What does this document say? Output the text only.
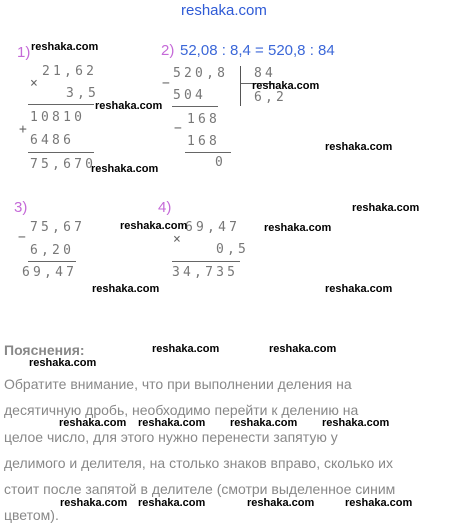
reshaka.com
1)
×
21,62
3,5
10810
+
6486
75,670
2) 52,08 : 8,4 = 520,8 : 84
−
520,8 84
6,2
504
−
168
168
0
3)
−
75,67
6,20
69,47
4)
×
69,47
0,5
34,735
Пояснения:
Обратите внимание, что при выполнении деления на
десятичную дробь, необходимо перейти к делению на
целое число, для этого нужно перенести запятую у
делимого и делителя, на столько знаков вправо, сколько их
стоит после запятой в делителе (смотри выделенное синим
цветом).
reshaka.com
reshaka.com
reshaka.com
reshaka.com
reshaka.com
reshaka.com
reshaka.com	reshaka.com
reshaka.com	reshaka.com
reshaka.com	reshaka.com
reshaka.com
reshaka.com reshaka.com reshaka.com reshaka.com
reshaka.com reshaka.com	reshaka.com	reshaka.com
